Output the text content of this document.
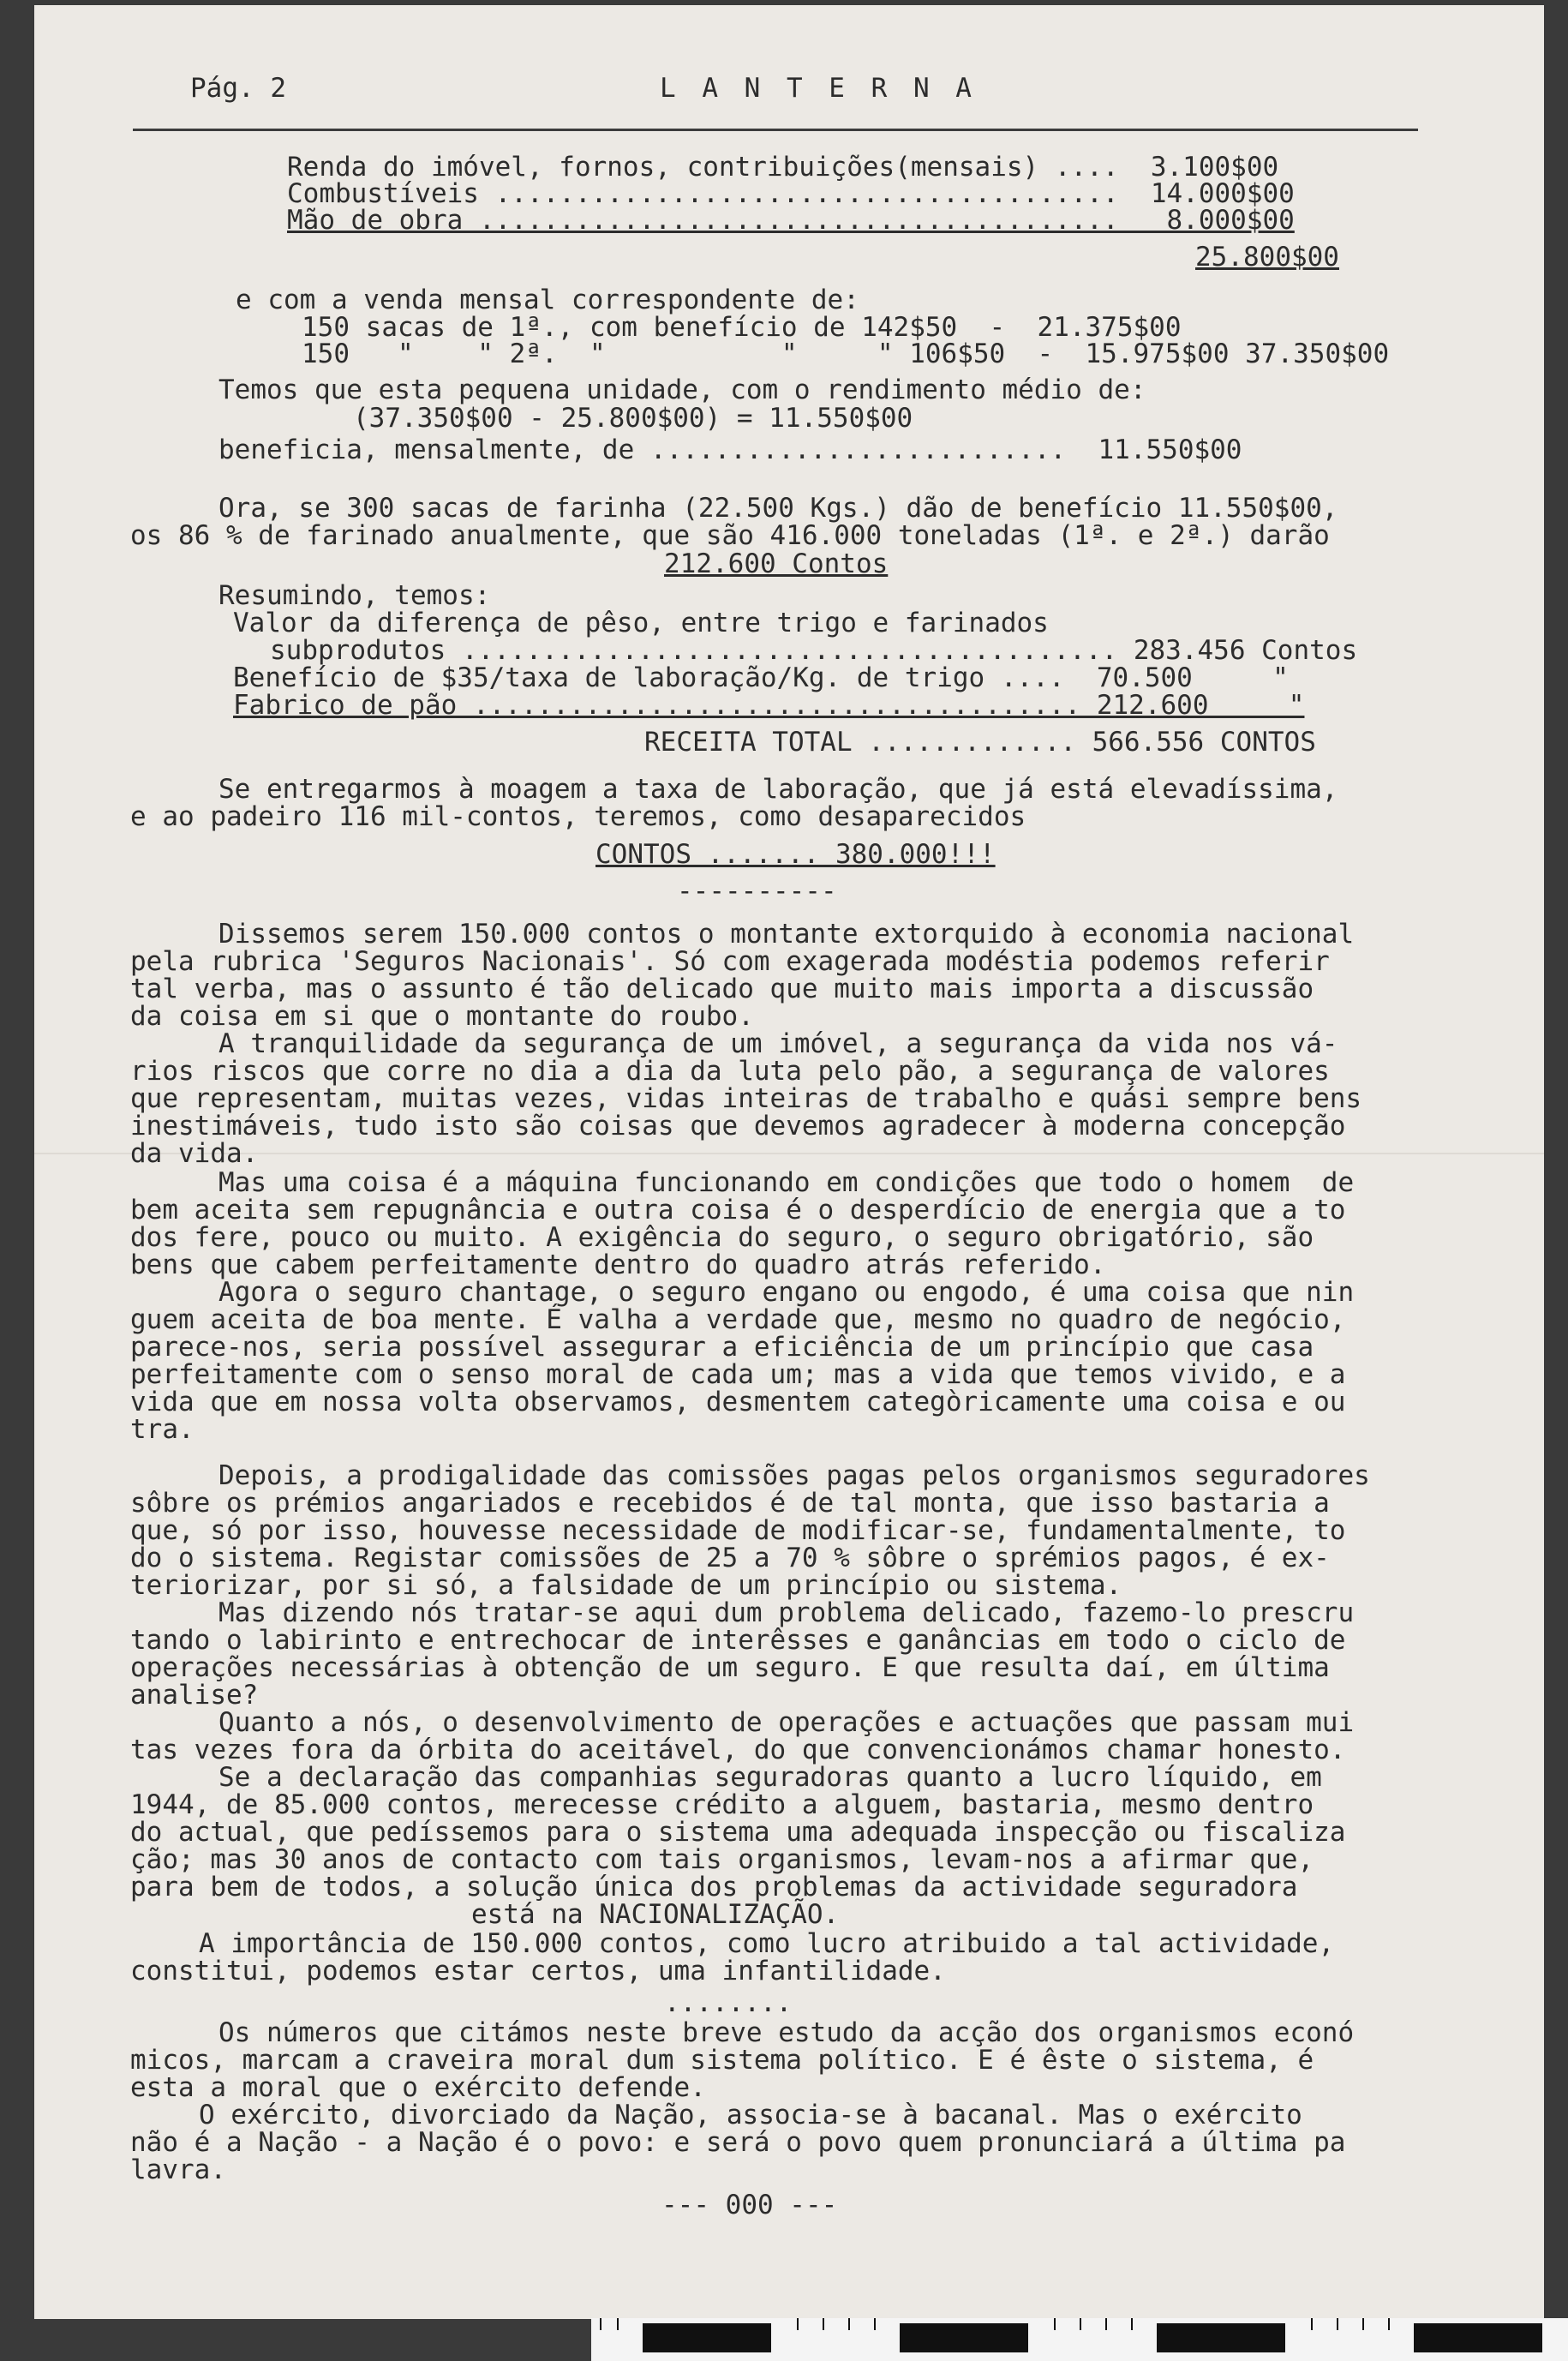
Pág. 2	L A N T E R N A
Renda do imóvel, fornos, contribuições(mensais) ....  3.100$00
Combustíveis .......................................  14.000$00
Mão de obra ........................................   8.000$00
25.800$00
e com a venda mensal correspondente de:
150 sacas de 1ª., com benefício de 142$50  -  21.375$00
150   "    " 2ª.  "           "     " 106$50  -  15.975$00 37.350$00
Temos que esta pequena unidade, com o rendimento médio de:
(37.350$00 - 25.800$00) = 11.550$00
beneficia, mensalmente, de ..........................  11.550$00
Ora, se 300 sacas de farinha (22.500 Kgs.) dão de benefício 11.550$00,
os 86 % de farinado anualmente, que são 416.000 toneladas (1ª. e 2ª.) darão
212.600 Contos
Resumindo, temos:
Valor da diferença de pêso, entre trigo e farinados
subprodutos ......................................... 283.456 Contos
Benefício de $35/taxa de laboração/Kg. de trigo ....  70.500     "
Fabrico de pão ...................................... 212.600     "
RECEITA TOTAL ............. 566.556 CONTOS
Se entregarmos à moagem a taxa de laboração, que já está elevadíssima,
e ao padeiro 116 mil-contos, teremos, como desaparecidos
CONTOS ....... 380.000!!!
----------
Dissemos serem 150.000 contos o montante extorquido à economia nacional
pela rubrica 'Seguros Nacionais'. Só com exagerada modéstia podemos referir
tal verba, mas o assunto é tão delicado que muito mais importa a discussão
da coisa em si que o montante do roubo.
A tranquilidade da segurança de um imóvel, a segurança da vida nos vá-
rios riscos que corre no dia a dia da luta pelo pão, a segurança de valores
que representam, muitas vezes, vidas inteiras de trabalho e quási sempre bens
inestimáveis, tudo isto são coisas que devemos agradecer à moderna concepção
da vida.
Mas uma coisa é a máquina funcionando em condições que todo o homem  de
bem aceita sem repugnância e outra coisa é o desperdício de energia que a to
dos fere, pouco ou muito. A exigência do seguro, o seguro obrigatório, são
bens que cabem perfeitamente dentro do quadro atrás referido.
Agora o seguro chantage, o seguro engano ou engodo, é uma coisa que nin
guem aceita de boa mente. É valha a verdade que, mesmo no quadro de negócio,
parece-nos, seria possível assegurar a eficiência de um princípio que casa
perfeitamente com o senso moral de cada um; mas a vida que temos vivido, e a
vida que em nossa volta observamos, desmentem categòricamente uma coisa e ou
tra.
Depois, a prodigalidade das comissões pagas pelos organismos seguradores
sôbre os prémios angariados e recebidos é de tal monta, que isso bastaria a
que, só por isso, houvesse necessidade de modificar-se, fundamentalmente, to
do o sistema. Registar comissões de 25 a 70 % sôbre o sprémios pagos, é ex-
teriorizar, por si só, a falsidade de um princípio ou sistema.
Mas dizendo nós tratar-se aqui dum problema delicado, fazemo-lo prescru
tando o labirinto e entrechocar de interêsses e ganâncias em todo o ciclo de
operações necessárias à obtenção de um seguro. E que resulta daí, em última
analise?
Quanto a nós, o desenvolvimento de operações e actuações que passam mui
tas vezes fora da órbita do aceitável, do que convencionámos chamar honesto.
Se a declaração das companhias seguradoras quanto a lucro líquido, em
1944, de 85.000 contos, merecesse crédito a alguem, bastaria, mesmo dentro
do actual, que pedíssemos para o sistema uma adequada inspecção ou fiscaliza
ção; mas 30 anos de contacto com tais organismos, levam-nos a afirmar que,
para bem de todos, a solução única dos problemas da actividade seguradora
está na NACIONALIZAÇÃO.
A importância de 150.000 contos, como lucro atribuido a tal actividade,
constitui, podemos estar certos, uma infantilidade.
........
Os números que citámos neste breve estudo da acção dos organismos econó
micos, marcam a craveira moral dum sistema político. E é êste o sistema, é
esta a moral que o exército defende.
O exército, divorciado da Nação, associa-se à bacanal. Mas o exército
não é a Nação - a Nação é o povo: e será o povo quem pronunciará a última pa
lavra.
--- 000 ---
